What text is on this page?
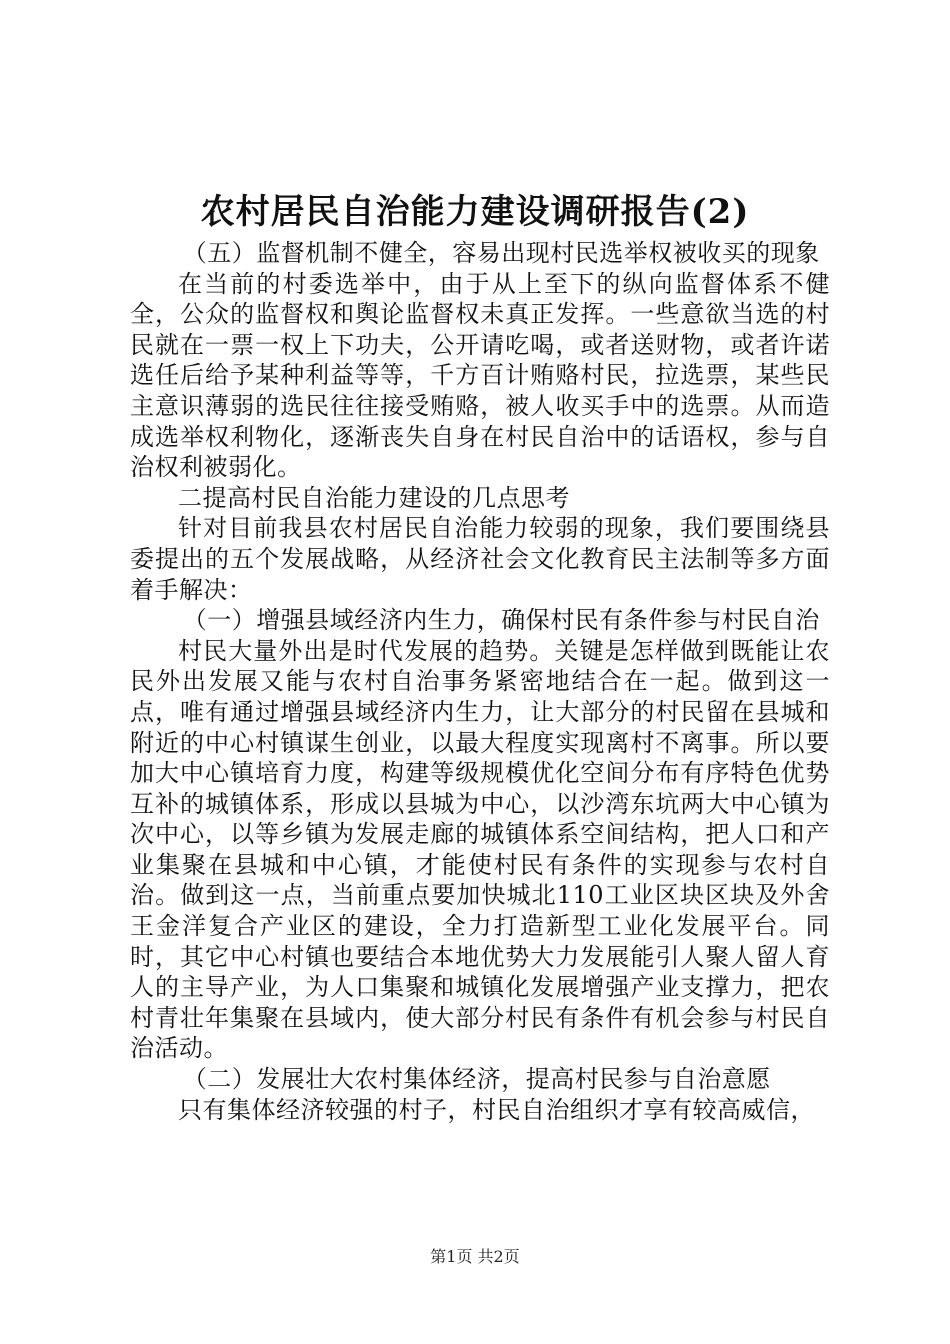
农村居民自治能力建设调研报告(2)

（五）监督机制不健全，容易出现村民选举权被收买的现象

在当前的村委选举中，由于从上至下的纵向监督体系不健全，公众的监督权和舆论监督权未真正发挥。一些意欲当选的村民就在一票一权上下功夫，公开请吃喝，或者送财物，或者许诺选任后给予某种利益等等，千方百计贿赂村民，拉选票，某些民主意识薄弱的选民往往接受贿赂，被人收买手中的选票。从而造成选举权利物化，逐渐丧失自身在村民自治中的话语权，参与自治权利被弱化。

二提高村民自治能力建设的几点思考

针对目前我县农村居民自治能力较弱的现象，我们要围绕县委提出的五个发展战略，从经济社会文化教育民主法制等多方面着手解决：

（一）增强县域经济内生力，确保村民有条件参与村民自治

村民大量外出是时代发展的趋势。关键是怎样做到既能让农民外出发展又能与农村自治事务紧密地结合在一起。做到这一点，唯有通过增强县域经济内生力，让大部分的村民留在县城和附近的中心村镇谋生创业，以最大程度实现离村不离事。所以要加大中心镇培育力度，构建等级规模优化空间分布有序特色优势互补的城镇体系，形成以县城为中心，以沙湾东坑两大中心镇为次中心，以等乡镇为发展走廊的城镇体系空间结构，把人口和产业集聚在县城和中心镇，才能使村民有条件的实现参与农村自治。做到这一点，当前重点要加快城北110工业区块区块及外舍王金洋复合产业区的建设，全力打造新型工业化发展平台。同时，其它中心村镇也要结合本地优势大力发展能引人聚人留人育人的主导产业，为人口集聚和城镇化发展增强产业支撑力，把农村青壮年集聚在县域内，使大部分村民有条件有机会参与村民自治活动。

（二）发展壮大农村集体经济，提高村民参与自治意愿

只有集体经济较强的村子，村民自治组织才享有较高威信，

第1页 共2页
